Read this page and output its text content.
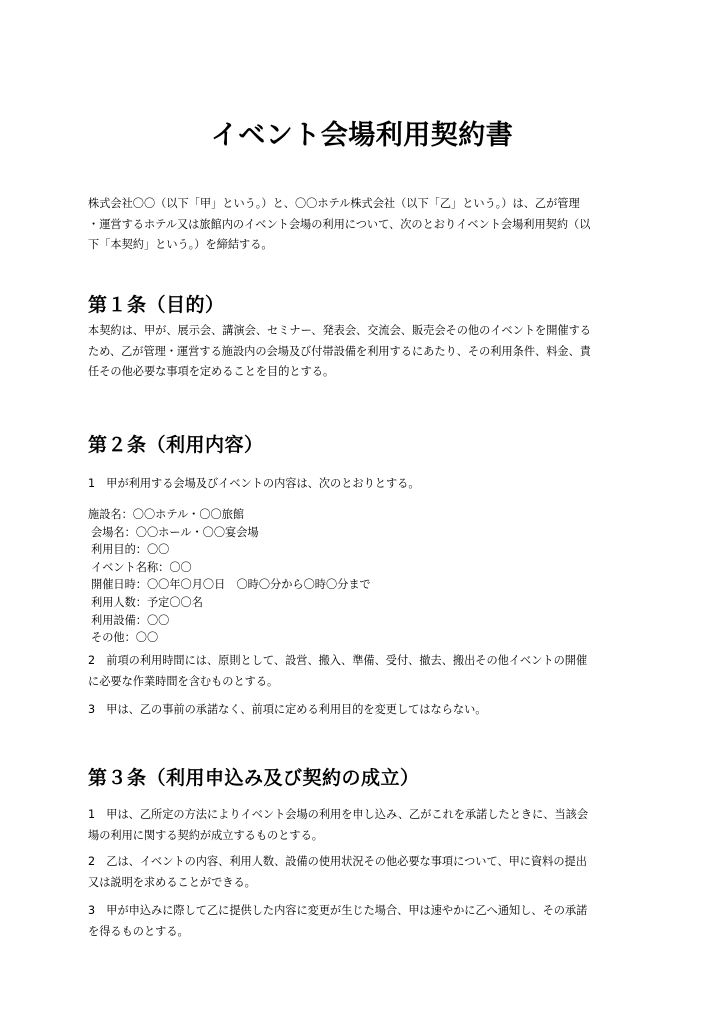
イベント会場利用契約書

株式会社〇〇（以下「甲」という。）と、〇〇ホテル株式会社（以下「乙」という。）は、乙が管理
・運営するホテル又は旅館内のイベント会場の利用について、次のとおりイベント会場利用契約（以
下「本契約」という。）を締結する。

第１条（目的）

本契約は、甲が、展示会、講演会、セミナー、発表会、交流会、販売会その他のイベントを開催する
ため、乙が管理・運営する施設内の会場及び付帯設備を利用するにあたり、その利用条件、料金、責
任その他必要な事項を定めることを目的とする。

第２条（利用内容）

1　甲が利用する会場及びイベントの内容は、次のとおりとする。

施設名：〇〇ホテル・〇〇旅館
会場名：〇〇ホール・〇〇宴会場
利用目的：〇〇
イベント名称：〇〇
開催日時：〇〇年〇月〇日　〇時〇分から〇時〇分まで
利用人数：予定〇〇名
利用設備：〇〇
その他：〇〇

2　前項の利用時間には、原則として、設営、搬入、準備、受付、撤去、搬出その他イベントの開催
に必要な作業時間を含むものとする。

3　甲は、乙の事前の承諾なく、前項に定める利用目的を変更してはならない。

第３条（利用申込み及び契約の成立）

1　甲は、乙所定の方法によりイベント会場の利用を申し込み、乙がこれを承諾したときに、当該会
場の利用に関する契約が成立するものとする。

2　乙は、イベントの内容、利用人数、設備の使用状況その他必要な事項について、甲に資料の提出
又は説明を求めることができる。

3　甲が申込みに際して乙に提供した内容に変更が生じた場合、甲は速やかに乙へ通知し、その承諾
を得るものとする。
